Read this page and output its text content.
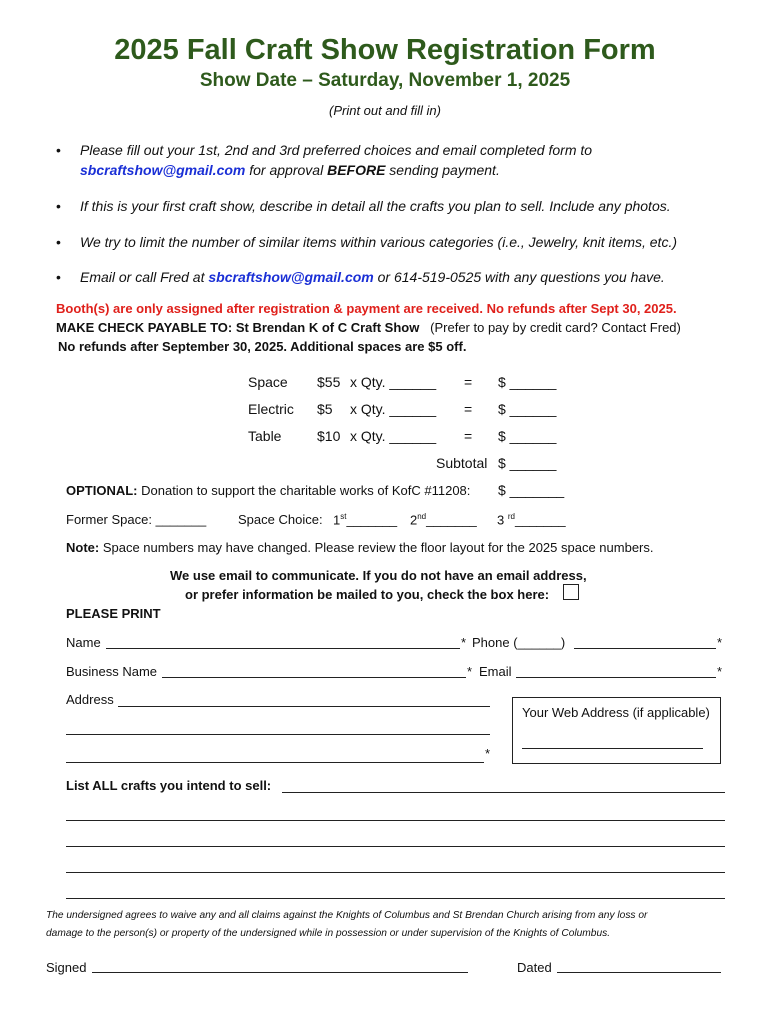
2025 Fall Craft Show Registration Form
Show Date – Saturday, November 1, 2025
(Print out and fill in)
• Please fill out your 1st, 2nd and 3rd preferred choices and email completed form to
sbcraftshow@gmail.com for approval BEFORE sending payment.
• If this is your first craft show, describe in detail all the crafts you plan to sell. Include any photos.
• We try to limit the number of similar items within various categories (i.e., Jewelry, knit items, etc.)
• Email or call Fred at sbcraftshow@gmail.com or 614-519-0525 with any questions you have.
Booth(s) are only assigned after registration & payment are received. No refunds after Sept 30, 2025.
MAKE CHECK PAYABLE TO: St Brendan K of C Craft Show (Prefer to pay by credit card? Contact Fred)
No refunds after September 30, 2025. Additional spaces are $5 off.
Space $55 x Qty. ______ = $ ______
Electric $5 x Qty. ______ = $ ______
Table	$10 x Qty. ______ = $ ______
Subtotal $ ______
OPTIONAL: Donation to support the charitable works of KofC #11208: $ _______
Former Space: _______ Space Choice: 1st_______ 2nd_______ 3 $^{rd}$_______
Note: Space numbers may have changed. Please review the floor layout for the 2025 space numbers.
We use email to communicate. If you do not have an email address,
or prefer information be mailed to you, check the box here:
PLEASE PRINT
Name	* Phone (______)	*
Business Name	* Email	*
Address
*
Your Web Address (if applicable)
List ALL crafts you intend to sell:
The undersigned agrees to waive any and all claims against the Knights of Columbus and St Brendan Church arising from any loss or
damage to the person(s) or property of the undersigned while in possession or under supervision of the Knights of Columbus.
Signed	Dated
